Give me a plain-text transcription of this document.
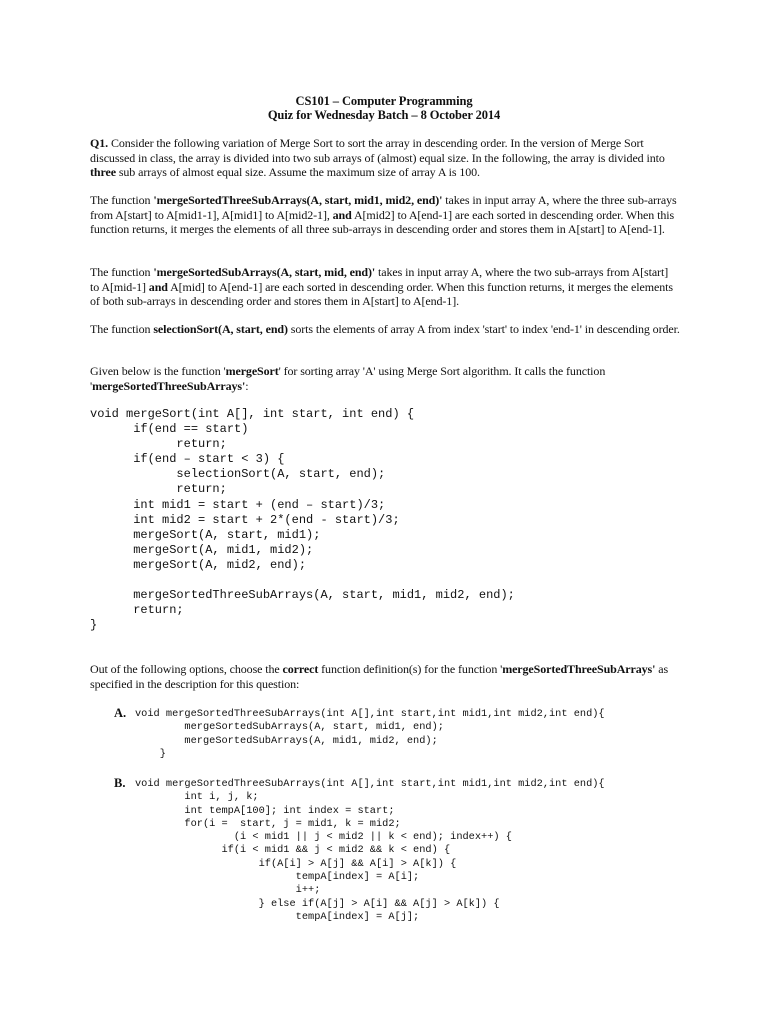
CS101 – Computer Programming
Quiz for Wednesday Batch – 8 October 2014
Q1. Consider the following variation of Merge Sort to sort the array in descending order. In the version of Merge Sort discussed in class, the array is divided into two sub arrays of (almost) equal size. In the following, the array is divided into three sub arrays of almost equal size. Assume the maximum size of array A is 100.
The function 'mergeSortedThreeSubArrays(A, start, mid1, mid2, end)' takes in input array A, where the three sub-arrays from A[start] to A[mid1-1], A[mid1] to A[mid2-1], and A[mid2] to A[end-1] are each sorted in descending order. When this function returns, it merges the elements of all three sub-arrays in descending order and stores them in A[start] to A[end-1].
The function 'mergeSortedSubArrays(A, start, mid, end)' takes in input array A, where the two sub-arrays from A[start] to A[mid-1] and A[mid] to A[end-1] are each sorted in descending order. When this function returns, it merges the elements of both sub-arrays in descending order and stores them in A[start] to A[end-1].
The function selectionSort(A, start, end) sorts the elements of array A from index 'start' to index 'end-1' in descending order.
Given below is the function 'mergeSort' for sorting array 'A' using Merge Sort algorithm. It calls the function 'mergeSortedThreeSubArrays':
void mergeSort(int A[], int start, int end) {
if(end == start)
return;
if(end – start < 3) {
selectionSort(A, start, end);
return;
int mid1 = start + (end – start)/3;
int mid2 = start + 2*(end - start)/3;
mergeSort(A, start, mid1);
mergeSort(A, mid1, mid2);
mergeSort(A, mid2, end);

mergeSortedThreeSubArrays(A, start, mid1, mid2, end);
return;
}
Out of the following options, choose the correct function definition(s) for the function 'mergeSortedThreeSubArrays' as specified in the description for this question:
A. void mergeSortedThreeSubArrays(int A[],int start,int mid1,int mid2,int end){
mergeSortedSubArrays(A, start, mid1, end);
mergeSortedSubArrays(A, mid1, mid2, end);
}
B. void mergeSortedThreeSubArrays(int A[],int start,int mid1,int mid2,int end){
int i, j, k;
int tempA[100]; int index = start;
for(i =  start, j = mid1, k = mid2;
(i < mid1 || j < mid2 || k < end); index++) {
if(i < mid1 && j < mid2 && k < end) {
if(A[i] > A[j] && A[i] > A[k]) {
tempA[index] = A[i];
i++;
} else if(A[j] > A[i] && A[j] > A[k]) {
tempA[index] = A[j];
